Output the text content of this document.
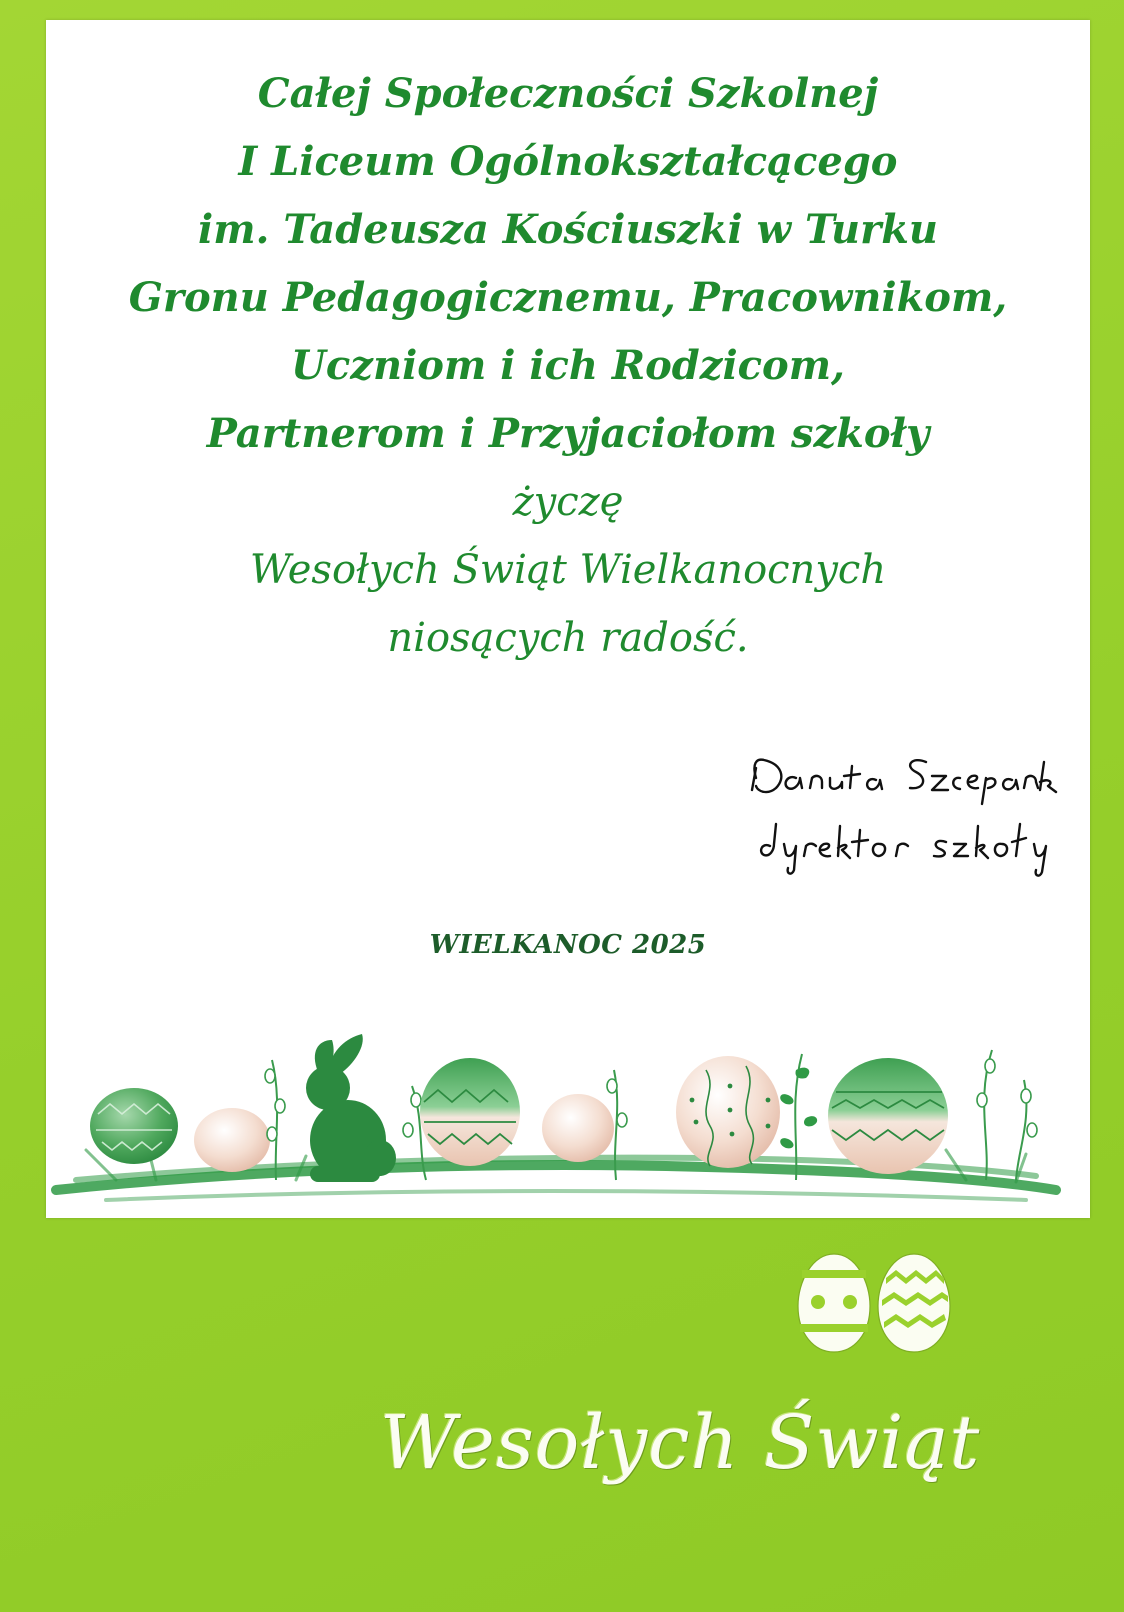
Całej Społeczności Szkolnej
I Liceum Ogólnokształcącego
im. Tadeusza Kościuszki w Turku
Gronu Pedagogicznemu, Pracownikom,
Uczniom i ich Rodzicom,
Partnerom i Przyjaciołom szkoły
życzę
Wesołych Świąt Wielkanocnych
niosących radość.
WIELKANOC 2025
Wesołych Świąt
